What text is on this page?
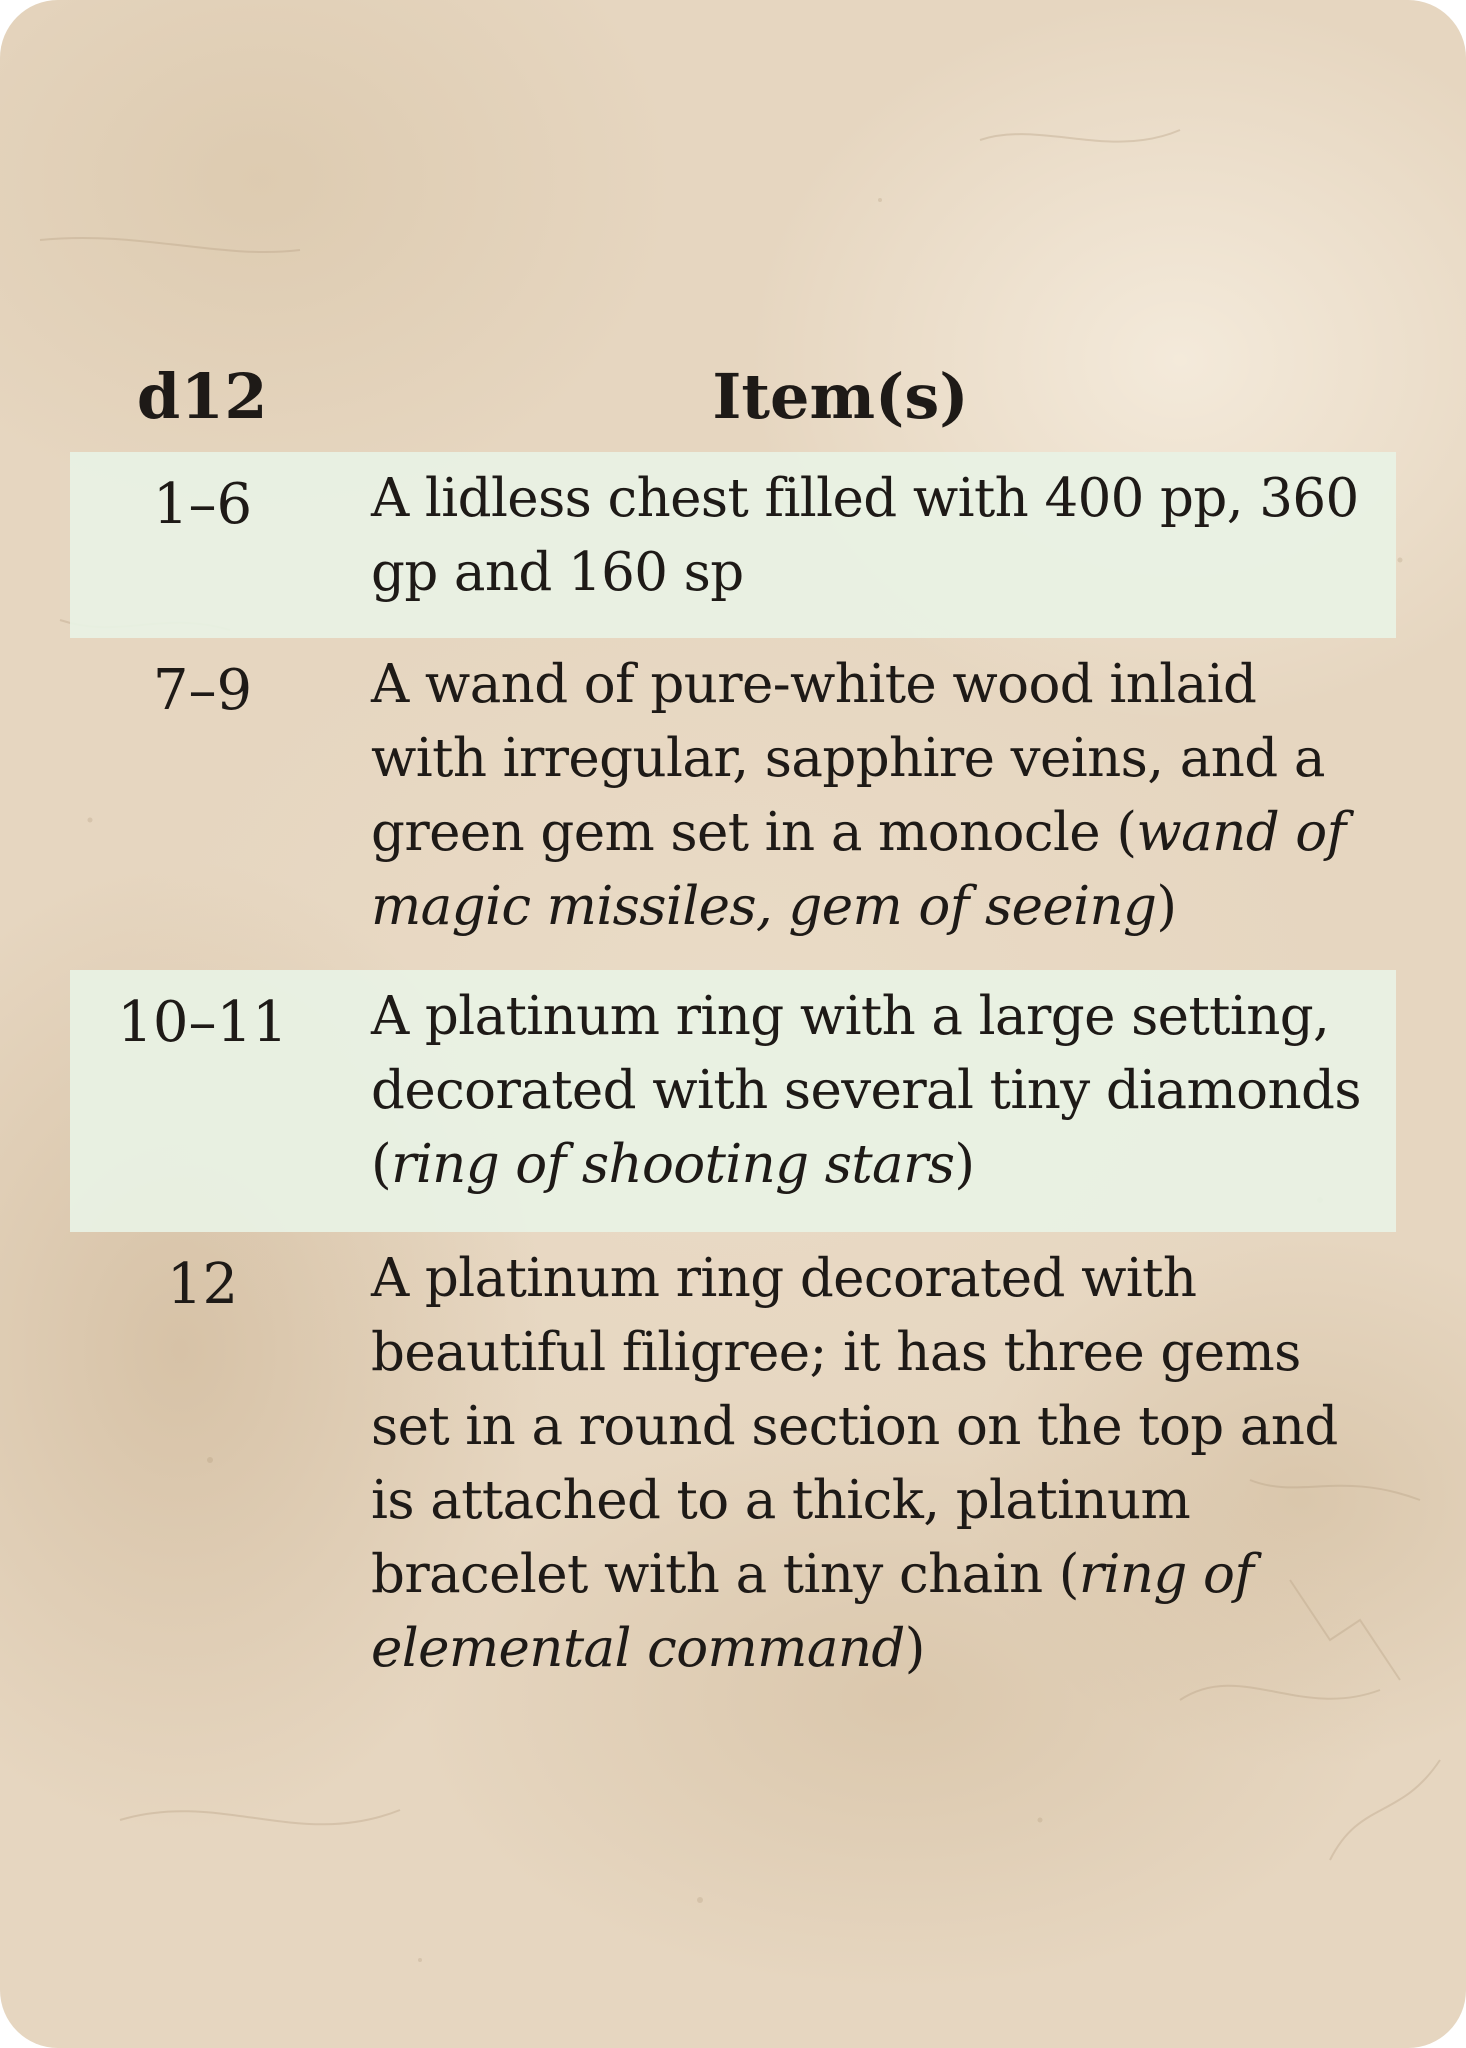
d12	Item(s)
1–6	A lidless chest filled with 400 pp, 360 gp and 160 sp
7–9	A wand of pure-white wood inlaid with irregular, sapphire veins, and a green gem set in a monocle (wand of magic missiles, gem of seeing)
10–11	A platinum ring with a large setting, decorated with several tiny diamonds (ring of shooting stars)
12	A platinum ring decorated with beautiful filigree; it has three gems set in a round section on the top and is attached to a thick, platinum bracelet with a tiny chain (ring of elemental command)
